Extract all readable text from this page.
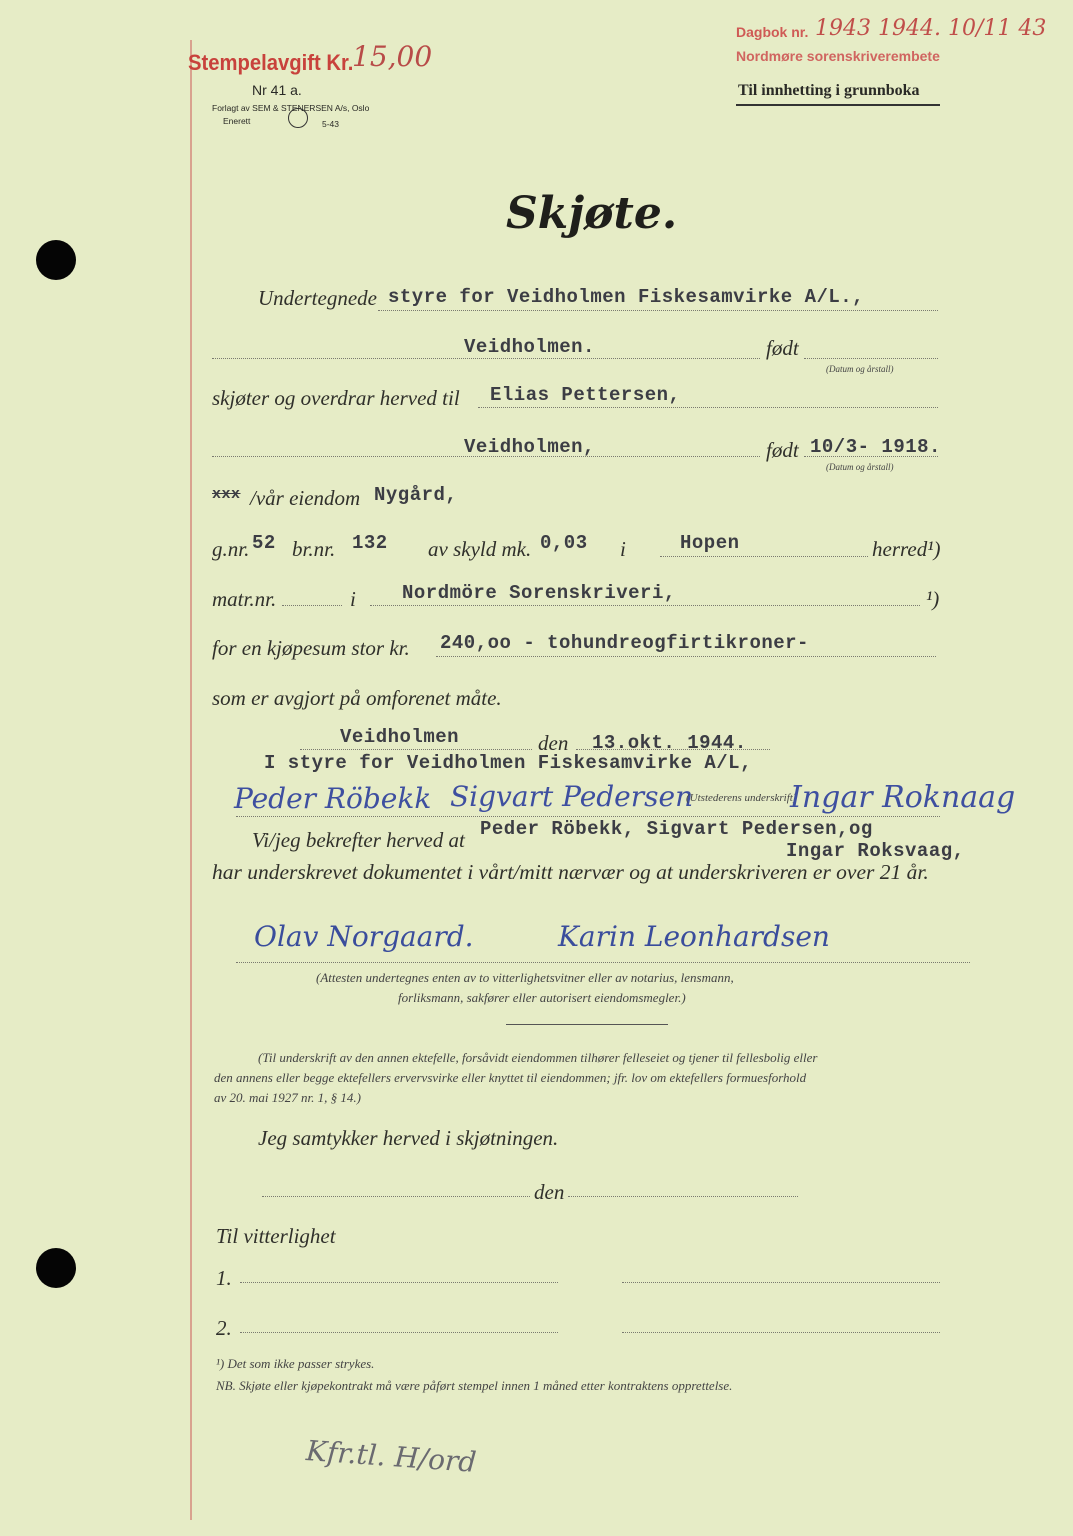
Stempelavgift Kr.
15,00
Nr 41 a.
Forlagt av SEM & STENERSEN A/s, Oslo
Enerett	5-43
Dagbok nr. 1943 1944. 10/11 43
Nordmøre sorenskriverembete
Til innhetting i grunnboka
Skjøte.
Undertegnede styre for Veidholmen Fiskesamvirke A/L.,
Veidholmen.	født
(Datum og årstall)
skjøter og overdrar herved til Elias Pettersen,
Veidholmen,	født 10/3- 1918.
(Datum og årstall)
xxx /vår eiendom Nygård,
g.nr. 52 br.nr. 132 av skyld mk. 0,03 i	Hopen	herred¹)
matr.nr.	i Nordmöre Sorenskriveri,	¹)
for en kjøpesum stor kr. 240,oo - tohundreogfirtikroner-
som er avgjort på omforenet måte.
Veidholmen	den 13.okt. 1944.
I styre for Veidholmen Fiskesamvirke A/L,
Peder Röbekk Sigvart Pedersen
(Utstederens underskrift)
Ingar Roknaag
Vi/jeg bekrefter herved at Peder Röbekk, Sigvart Pedersen,og
Ingar Roksvaag,
har underskrevet dokumentet i vårt/mitt nærvær og at underskriveren er over 21 år.
Olav Norgaard.	Karin Leonhardsen
(Attesten undertegnes enten av to vitterlighetsvitner eller av notarius, lensmann,
forliksmann, sakfører eller autorisert eiendomsmegler.)
(Til underskrift av den annen ektefelle, forsåvidt eiendommen tilhører felleseiet og tjener til fellesbolig eller
den annens eller begge ektefellers ervervsvirke eller knyttet til eiendommen; jfr. lov om ektefellers formuesforhold
av 20. mai 1927 nr. 1, § 14.)
Jeg samtykker herved i skjøtningen.
den
Til vitterlighet
1.
2.
¹) Det som ikke passer strykes.
NB. Skjøte eller kjøpekontrakt må være påført stempel innen 1 måned etter kontraktens opprettelse.
Kfr.tl. H/ord
